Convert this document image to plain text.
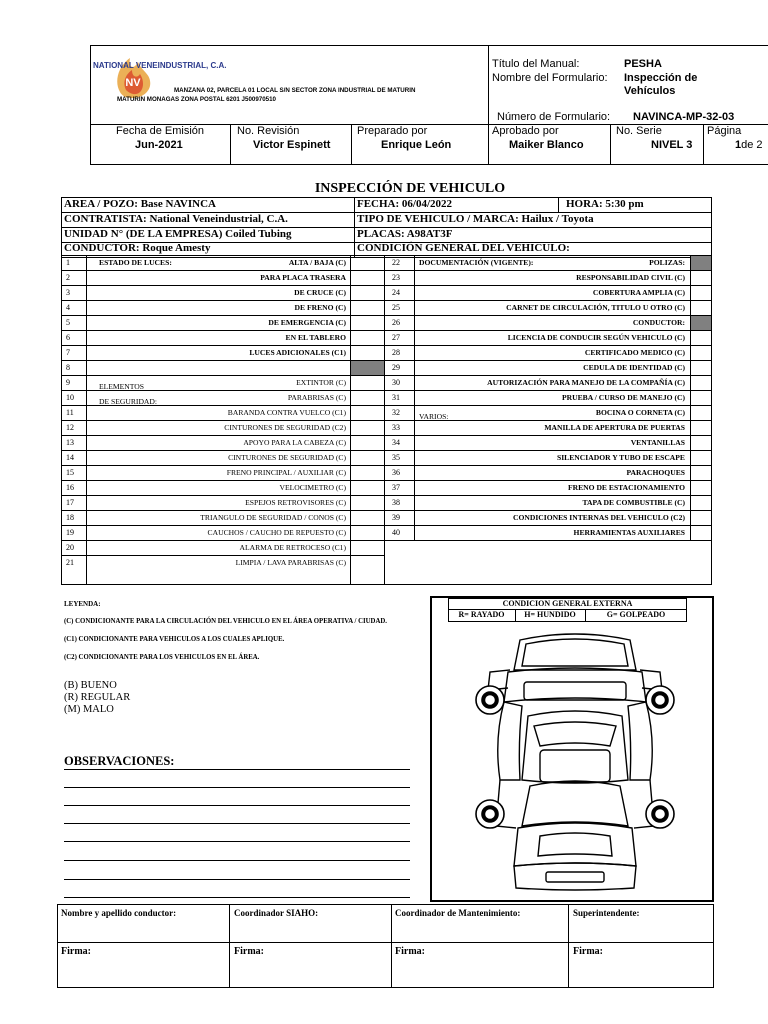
NV
NATIONAL VENEINDUSTRIAL, C.A.
MANZANA 02, PARCELA 01 LOCAL S/N SECTOR ZONA INDUSTRIAL DE MATURIN
MATURIN MONAGAS ZONA POSTAL 6201 J500970510
Título del Manual:	PESHA
Nombre del Formulario: Inspección de
Vehículos
Número de Formulario: NAVINCA-MP-32-03
Fecha de Emisión
Jun-2021
No. Revisión
Victor Espinett
Preparado por
Enrique León
Aprobado por
Maiker Blanco
No. Serie
NIVEL 3
Página
1de 2
INSPECCIÓN DE VEHICULO
AREA / POZO: Base NAVINCA	FECHA: 06/04/2022	HORA: 5:30 pm
CONTRATISTA: National Veneindustrial, C.A.	TIPO DE VEHICULO / MARCA: Hailux / Toyota
UNIDAD N° (DE LA EMPRESA) Coiled Tubing	PLACAS: A98AT3F
CONDUCTOR: Roque Amesty	CONDICIÓN GENERAL DEL VEHICULO:
1	ALTA / BAJA (C)
2	PARA PLACA TRASERA
3	DE CRUCE (C)
4	DE FRENO (C)
5	DE EMERGENCIA (C)
6	EN EL TABLERO
7	LUCES ADICIONALES (C1)
8
9	EXTINTOR (C)
10	PARABRISAS (C)
11	BARANDA CONTRA VUELCO (C1)
12	CINTURONES DE SEGURIDAD (C2)
13	APOYO PARA LA CABEZA (C)
14	CINTURONES DE SEGURIDAD (C)
15	FRENO PRINCIPAL / AUXILIAR (C)
16	VELOCIMETRO (C)
17	ESPEJOS RETROVISORES (C)
18	TRIANGULO DE SEGURIDAD / CONOS (C)
19	CAUCHOS / CAUCHO DE REPUESTO (C)
20	ALARMA DE RETROCESO (C1)
21	LIMPIA / LAVA PARABRISAS (C)
22	POLIZAS:
23	RESPONSABILIDAD CIVIL (C)
24	COBERTURA AMPLIA (C)
25	CARNET DE CIRCULACIÓN, TITULO U OTRO (C)
26	CONDUCTOR:
27	LICENCIA DE CONDUCIR SEGÚN VEHICULO (C)
28	CERTIFICADO MEDICO (C)
29	CEDULA DE IDENTIDAD (C)
30	AUTORIZACIÓN PARA MANEJO DE LA COMPAÑÍA (C)
31	PRUEBA / CURSO DE MANEJO (C)
32	BOCINA O CORNETA (C)
33	MANILLA DE APERTURA DE PUERTAS
34	VENTANILLAS
35	SILENCIADOR Y TUBO DE ESCAPE
36	PARACHOQUES
37	FRENO DE ESTACIONAMIENTO
38	TAPA DE COMBUSTIBLE (C)
39	CONDICIONES INTERNAS DEL VEHICULO (C2)
40	HERRAMIENTAS AUXILIARES
ESTADO DE LUCES:
ELEMENTOS
DE SEGURIDAD:
DOCUMENTACIÓN (VIGENTE):
VARIOS:
LEYENDA:
(C) CONDICIONANTE PARA LA CIRCULACIÓN DEL VEHICULO EN EL ÁREA OPERATIVA / CIUDAD.
(C1) CONDICIONANTE PARA VEHICULOS A LOS CUALES APLIQUE.
(C2) CONDICIONANTE PARA LOS VEHICULOS EN EL ÁREA.
(B) BUENO
(R) REGULAR
(M) MALO
OBSERVACIONES:
CONDICION GENERAL EXTERNA
R= RAYADO	H= HUNDIDO	G= GOLPEADO
Nombre y apellido conductor:	Coordinador SIAHO:	Coordinador de Mantenimiento:	Superintendente:
Firma:	Firma:	Firma:	Firma:
